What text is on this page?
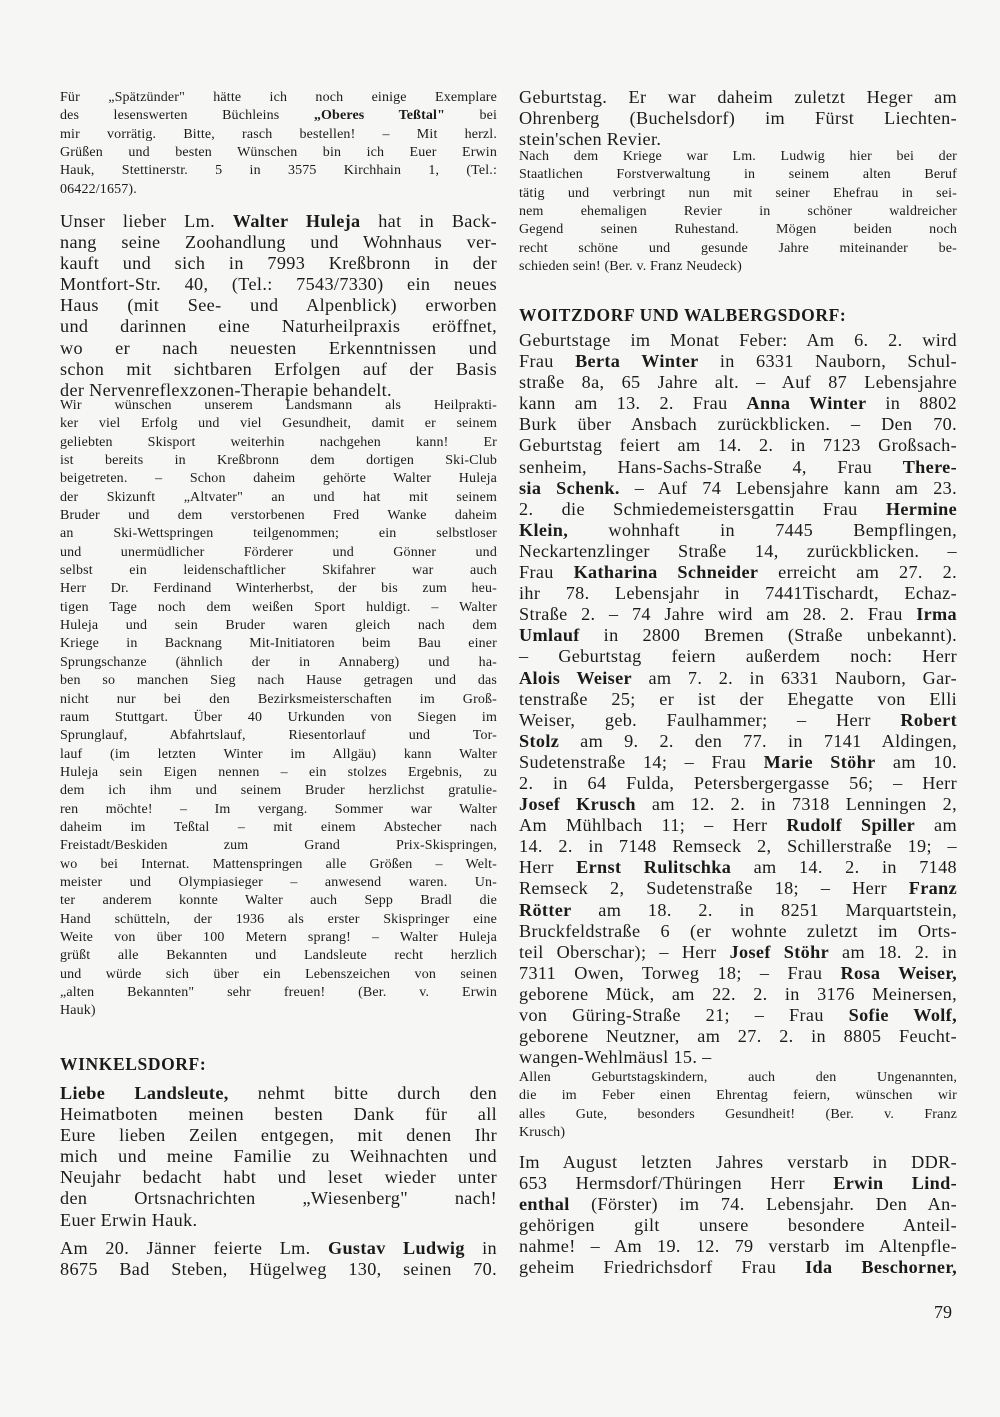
Für „Spätzünder" hätte ich noch einige Exemplare
des lesenswerten Büchleins „Oberes Teßtal" bei
mir vorrätig. Bitte, rasch bestellen! – Mit herzl.
Grüßen und besten Wünschen bin ich Euer Erwin
Hauk, Stettinerstr. 5 in 3575 Kirchhain 1, (Tel.:
06422/1657).
Unser lieber Lm. Walter Huleja hat in Back-
nang seine Zoohandlung und Wohnhaus ver-
kauft und sich in 7993 Kreßbronn in der
Montfort-Str. 40, (Tel.: 7543/7330) ein neues
Haus (mit See- und Alpenblick) erworben
und darinnen eine Naturheilpraxis eröffnet,
wo er nach neuesten Erkenntnissen und
schon mit sichtbaren Erfolgen auf der Basis
der Nervenreflexzonen-Therapie behandelt.
Wir wünschen unserem Landsmann als Heilprakti-
ker viel Erfolg und viel Gesundheit, damit er seinem
geliebten Skisport weiterhin nachgehen kann! Er
ist bereits in Kreßbronn dem dortigen Ski-Club
beigetreten. – Schon daheim gehörte Walter Huleja
der Skizunft „Altvater" an und hat mit seinem
Bruder und dem verstorbenen Fred Wanke daheim
an Ski-Wettspringen teilgenommen; ein selbstloser
und unermüdlicher Förderer und Gönner und
selbst ein leidenschaftlicher Skifahrer war auch
Herr Dr. Ferdinand Winterherbst, der bis zum heu-
tigen Tage noch dem weißen Sport huldigt. – Walter
Huleja und sein Bruder waren gleich nach dem
Kriege in Backnang Mit-Initiatoren beim Bau einer
Sprungschanze (ähnlich der in Annaberg) und ha-
ben so manchen Sieg nach Hause getragen und das
nicht nur bei den Bezirksmeisterschaften im Groß-
raum Stuttgart. Über 40 Urkunden von Siegen im
Sprunglauf, Abfahrtslauf, Riesentorlauf und Tor-
lauf (im letzten Winter im Allgäu) kann Walter
Huleja sein Eigen nennen – ein stolzes Ergebnis, zu
dem ich ihm und seinem Bruder herzlichst gratulie-
ren möchte! – Im vergang. Sommer war Walter
daheim im Teßtal – mit einem Abstecher nach
Freistadt/Beskiden zum Grand Prix-Skispringen,
wo bei Internat. Mattenspringen alle Größen – Welt-
meister und Olympiasieger – anwesend waren. Un-
ter anderem konnte Walter auch Sepp Bradl die
Hand schütteln, der 1936 als erster Skispringer eine
Weite von über 100 Metern sprang! – Walter Huleja
grüßt alle Bekannten und Landsleute recht herzlich
und würde sich über ein Lebenszeichen von seinen
„alten Bekannten" sehr freuen! (Ber. v. Erwin
Hauk)
WINKELSDORF:
Liebe Landsleute, nehmt bitte durch den
Heimatboten meinen besten Dank für all
Eure lieben Zeilen entgegen, mit denen Ihr
mich und meine Familie zu Weihnachten und
Neujahr bedacht habt und leset wieder unter
den Ortsnachrichten „Wiesenberg" nach!
Euer Erwin Hauk.
Am 20. Jänner feierte Lm. Gustav Ludwig in
8675 Bad Steben, Hügelweg 130, seinen 70.
Geburtstag. Er war daheim zuletzt Heger am
Ohrenberg (Buchelsdorf) im Fürst Liechten-
stein'schen Revier.
Nach dem Kriege war Lm. Ludwig hier bei der
Staatlichen Forstverwaltung in seinem alten Beruf
tätig und verbringt nun mit seiner Ehefrau in sei-
nem ehemaligen Revier in schöner waldreicher
Gegend seinen Ruhestand. Mögen beiden noch
recht schöne und gesunde Jahre miteinander be-
schieden sein! (Ber. v. Franz Neudeck)
WOITZDORF UND WALBERGSDORF:
Geburtstage im Monat Feber: Am 6. 2. wird
Frau Berta Winter in 6331 Nauborn, Schul-
straße 8a, 65 Jahre alt. – Auf 87 Lebensjahre
kann am 13. 2. Frau Anna Winter in 8802
Burk über Ansbach zurückblicken. – Den 70.
Geburtstag feiert am 14. 2. in 7123 Großsach-
senheim, Hans-Sachs-Straße 4, Frau There-
sia Schenk. – Auf 74 Lebensjahre kann am 23.
2. die Schmiedemeistersgattin Frau Hermine
Klein, wohnhaft in 7445 Bempflingen,
Neckartenzlinger Straße 14, zurückblicken. –
Frau Katharina Schneider erreicht am 27. 2.
ihr 78. Lebensjahr in 7441Tischardt, Echaz-
Straße 2. – 74 Jahre wird am 28. 2. Frau Irma
Umlauf in 2800 Bremen (Straße unbekannt).
– Geburtstag feiern außerdem noch: Herr
Alois Weiser am 7. 2. in 6331 Nauborn, Gar-
tenstraße 25; er ist der Ehegatte von Elli
Weiser, geb. Faulhammer; – Herr Robert
Stolz am 9. 2. den 77. in 7141 Aldingen,
Sudetenstraße 14; – Frau Marie Stöhr am 10.
2. in 64 Fulda, Petersbergergasse 56; – Herr
Josef Krusch am 12. 2. in 7318 Lenningen 2,
Am Mühlbach 11; – Herr Rudolf Spiller am
14. 2. in 7148 Remseck 2, Schillerstraße 19; –
Herr Ernst Rulitschka am 14. 2. in 7148
Remseck 2, Sudetenstraße 18; – Herr Franz
Rötter am 18. 2. in 8251 Marquartstein,
Bruckfeldstraße 6 (er wohnte zuletzt im Orts-
teil Oberschar); – Herr Josef Stöhr am 18. 2. in
7311 Owen, Torweg 18; – Frau Rosa Weiser,
geborene Mück, am 22. 2. in 3176 Meinersen,
von Güring-Straße 21; – Frau Sofie Wolf,
geborene Neutzner, am 27. 2. in 8805 Feucht-
wangen-Wehlmäusl 15. –
Allen Geburtstagskindern, auch den Ungenannten,
die im Feber einen Ehrentag feiern, wünschen wir
alles Gute, besonders Gesundheit! (Ber. v. Franz
Krusch)
Im August letzten Jahres verstarb in DDR-
653 Hermsdorf/Thüringen Herr Erwin Lind-
enthal (Förster) im 74. Lebensjahr. Den An-
gehörigen gilt unsere besondere Anteil-
nahme! – Am 19. 12. 79 verstarb im Altenpfle-
geheim Friedrichsdorf Frau Ida Beschorner,
79
